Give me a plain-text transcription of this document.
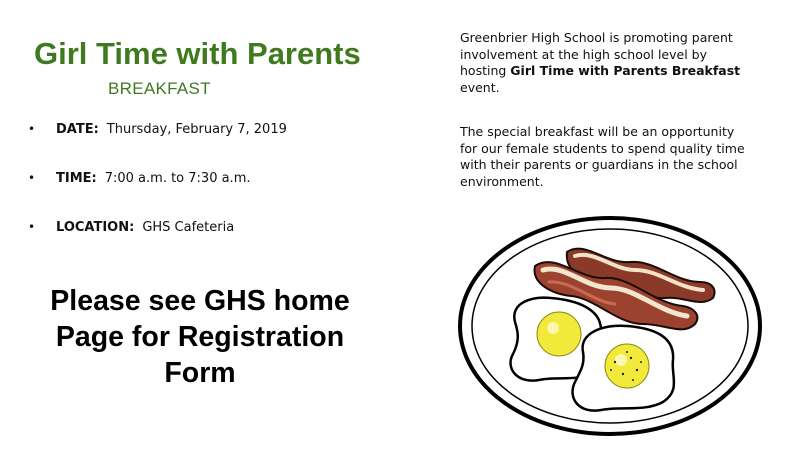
Girl Time with Parents
BREAKFAST
• DATE: Thursday, February 7, 2019
• TIME: 7:00 a.m. to 7:30 a.m.
• LOCATION: GHS Cafeteria
Please see GHS home
Page for Registration
Form
Greenbrier High School is promoting parent
involvement at the high school level by
hosting Girl Time with Parents Breakfast
event.
The special breakfast will be an opportunity
for our female students to spend quality time
with their parents or guardians in the school
environment.
